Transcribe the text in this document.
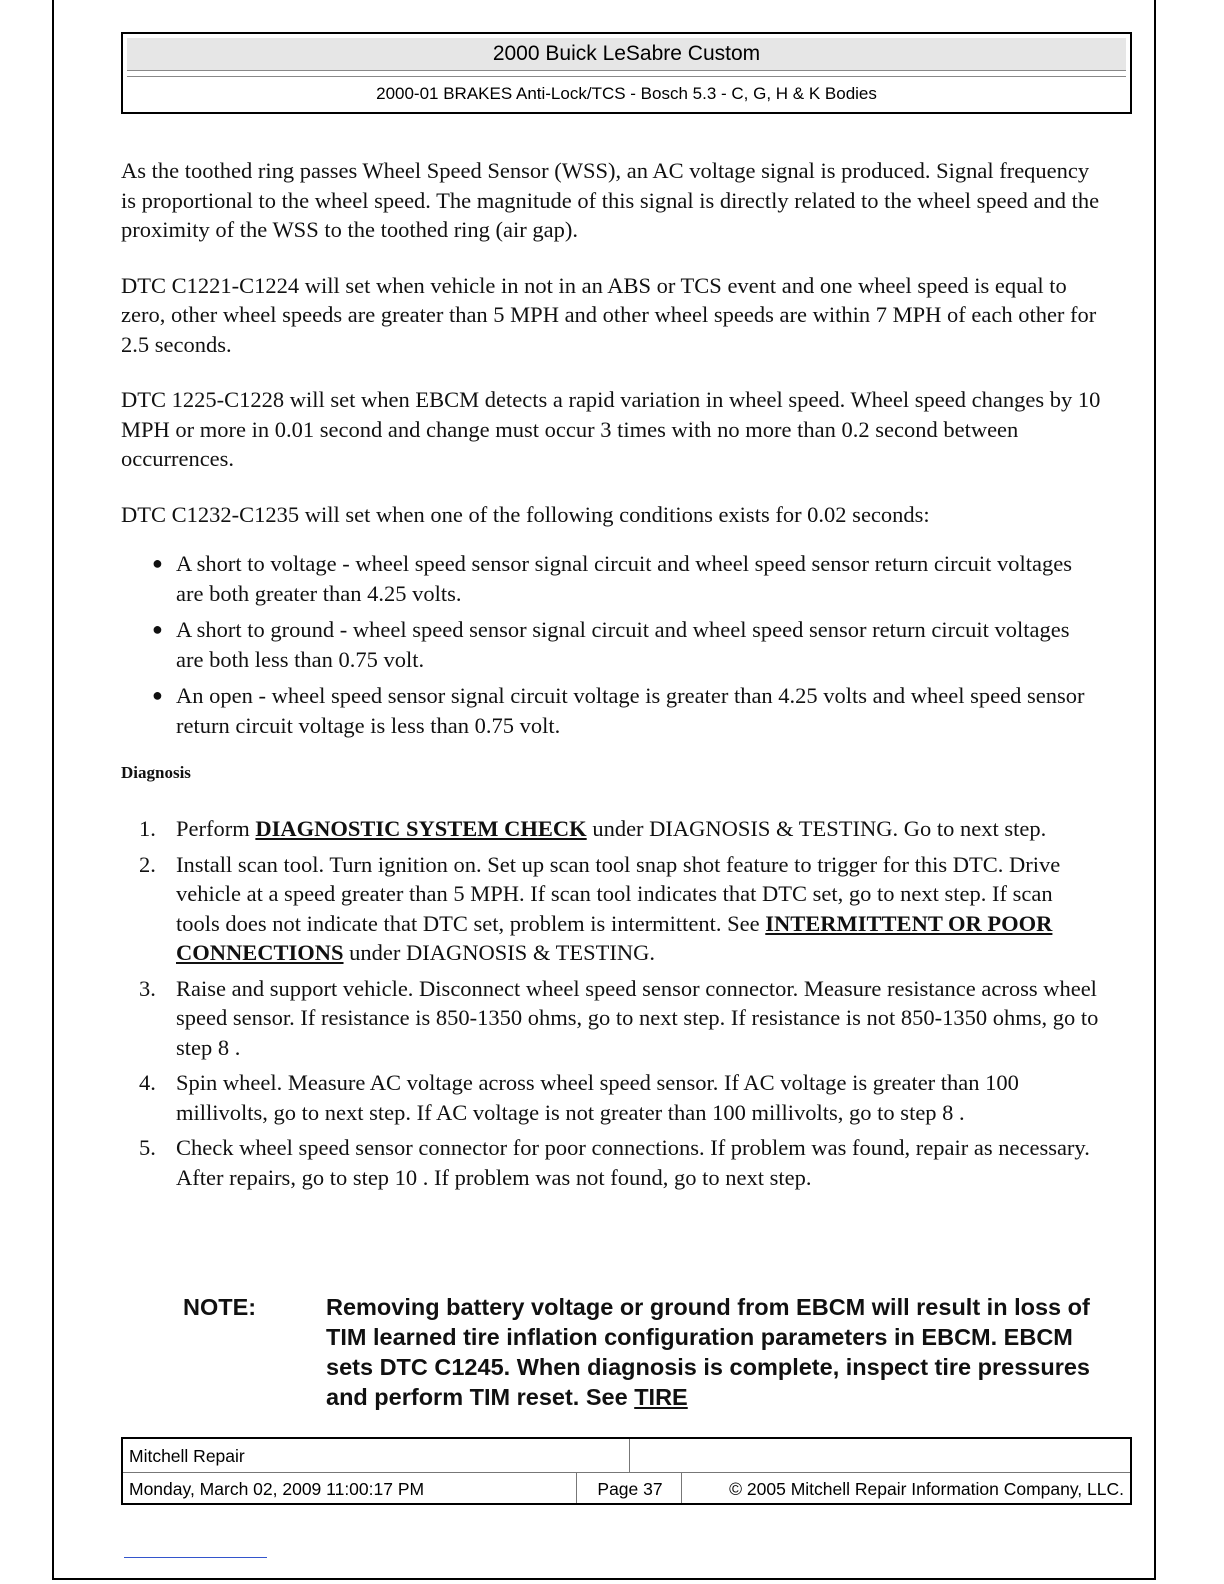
2000 Buick LeSabre Custom
2000-01 BRAKES Anti-Lock/TCS - Bosch 5.3 - C, G, H & K Bodies

As the toothed ring passes Wheel Speed Sensor (WSS), an AC voltage signal is produced. Signal frequency is proportional to the wheel speed. The magnitude of this signal is directly related to the wheel speed and the proximity of the WSS to the toothed ring (air gap).

DTC C1221-C1224 will set when vehicle in not in an ABS or TCS event and one wheel speed is equal to zero, other wheel speeds are greater than 5 MPH and other wheel speeds are within 7 MPH of each other for 2.5 seconds.

DTC 1225-C1228 will set when EBCM detects a rapid variation in wheel speed. Wheel speed changes by 10 MPH or more in 0.01 second and change must occur 3 times with no more than 0.2 second between occurrences.

DTC C1232-C1235 will set when one of the following conditions exists for 0.02 seconds:

● A short to voltage - wheel speed sensor signal circuit and wheel speed sensor return circuit voltages are both greater than 4.25 volts.
● A short to ground - wheel speed sensor signal circuit and wheel speed sensor return circuit voltages are both less than 0.75 volt.
● An open - wheel speed sensor signal circuit voltage is greater than 4.25 volts and wheel speed sensor return circuit voltage is less than 0.75 volt.
Diagnosis
1. Perform DIAGNOSTIC SYSTEM CHECK under DIAGNOSIS & TESTING. Go to next step.
2. Install scan tool. Turn ignition on. Set up scan tool snap shot feature to trigger for this DTC. Drive vehicle at a speed greater than 5 MPH. If scan tool indicates that DTC set, go to next step. If scan tools does not indicate that DTC set, problem is intermittent. See INTERMITTENT OR POOR CONNECTIONS under DIAGNOSIS & TESTING.
3. Raise and support vehicle. Disconnect wheel speed sensor connector. Measure resistance across wheel speed sensor. If resistance is 850-1350 ohms, go to next step. If resistance is not 850-1350 ohms, go to step 8 .
4. Spin wheel. Measure AC voltage across wheel speed sensor. If AC voltage is greater than 100 millivolts, go to next step. If AC voltage is not greater than 100 millivolts, go to step 8 .
5. Check wheel speed sensor connector for poor connections. If problem was found, repair as necessary. After repairs, go to step 10 . If problem was not found, go to next step.
NOTE:	Removing battery voltage or ground from EBCM will result in loss of TIM learned tire inflation configuration parameters in EBCM. EBCM sets DTC C1245. When diagnosis is complete, inspect tire pressures and perform TIM reset. See TIRE
Mitchell Repair
Monday, March 02, 2009 11:00:17 PM	Page 37	© 2005 Mitchell Repair Information Company, LLC.
